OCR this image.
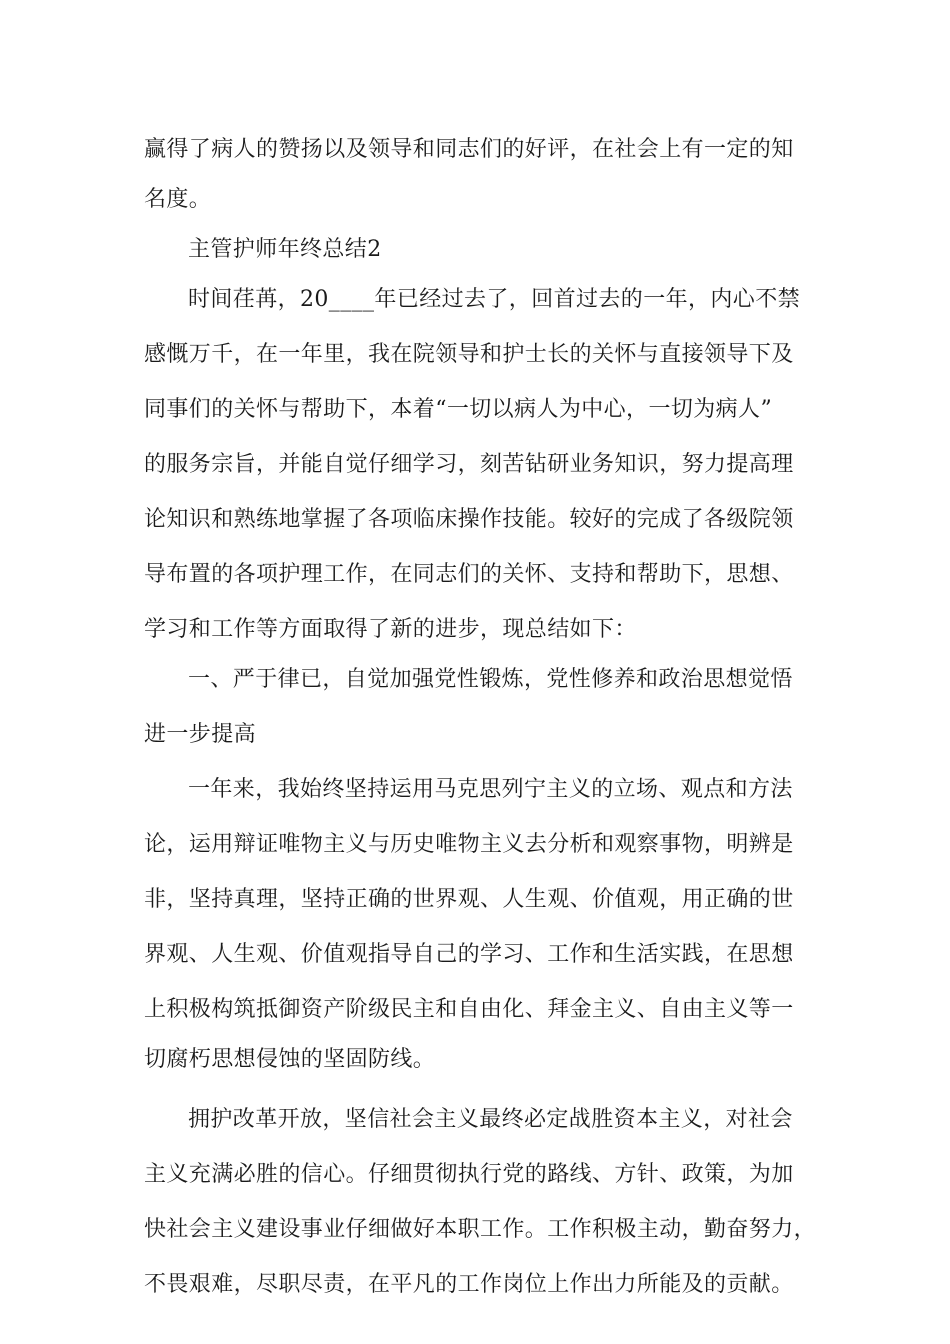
赢得了病人的赞扬以及领导和同志们的好评，在社会上有一定的知
名度。
主管护师年终总结2
时间荏苒，20____年已经过去了，回首过去的一年，内心不禁
感慨万千，在一年里，我在院领导和护士长的关怀与直接领导下及
同事们的关怀与帮助下，本着“一切以病人为中心，一切为病人”
的服务宗旨，并能自觉仔细学习，刻苦钻研业务知识，努力提高理
论知识和熟练地掌握了各项临床操作技能。较好的完成了各级院领
导布置的各项护理工作，在同志们的关怀、支持和帮助下，思想、
学习和工作等方面取得了新的进步，现总结如下：
一、严于律已，自觉加强党性锻炼，党性修养和政治思想觉悟
进一步提高
一年来，我始终坚持运用马克思列宁主义的立场、观点和方法
论，运用辩证唯物主义与历史唯物主义去分析和观察事物，明辨是
非，坚持真理，坚持正确的世界观、人生观、价值观，用正确的世
界观、人生观、价值观指导自己的学习、工作和生活实践，在思想
上积极构筑抵御资产阶级民主和自由化、拜金主义、自由主义等一
切腐朽思想侵蚀的坚固防线。
拥护改革开放，坚信社会主义最终必定战胜资本主义，对社会
主义充满必胜的信心。仔细贯彻执行党的路线、方针、政策，为加
快社会主义建设事业仔细做好本职工作。工作积极主动，勤奋努力，
不畏艰难，尽职尽责，在平凡的工作岗位上作出力所能及的贡献。
